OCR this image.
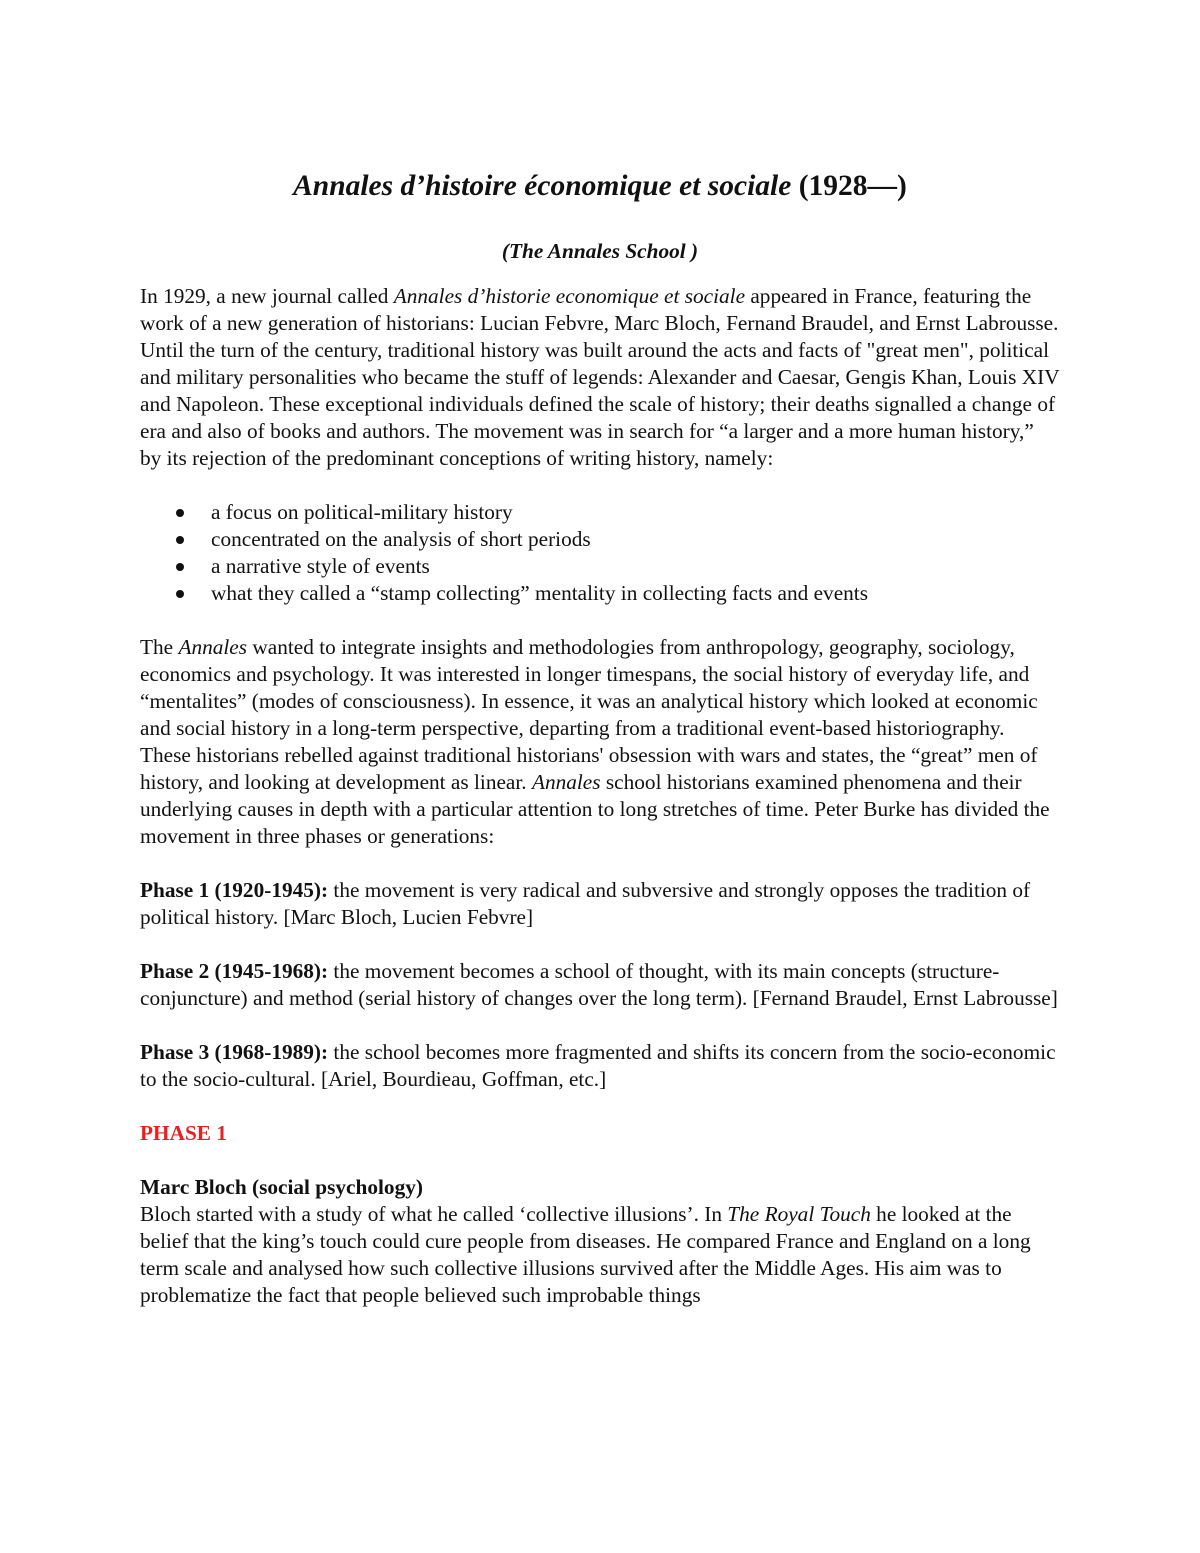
Annales d’histoire économique et sociale (1928—)
(The Annales School )

In 1929, a new journal called Annales d’historie economique et sociale appeared in France, featuring the work of a new generation of historians: Lucian Febvre, Marc Bloch, Fernand Braudel, and Ernst Labrousse. Until the turn of the century, traditional history was built around the acts and facts of "great men", political and military personalities who became the stuff of legends: Alexander and Caesar, Gengis Khan, Louis XIV and Napoleon. These exceptional individuals defined the scale of history; their deaths signalled a change of era and also of books and authors. The movement was in search for “a larger and a more human history,” by its rejection of the predominant conceptions of writing history, namely:

a focus on political-military history
concentrated on the analysis of short periods
a narrative style of events
what they called a “stamp collecting” mentality in collecting facts and events

The Annales wanted to integrate insights and methodologies from anthropology, geography, sociology, economics and psychology. It was interested in longer timespans, the social history of everyday life, and “mentalites” (modes of consciousness). In essence, it was an analytical history which looked at economic and social history in a long-term perspective, departing from a traditional event-based historiography. These historians rebelled against traditional historians' obsession with wars and states, the “great” men of history, and looking at development as linear. Annales school historians examined phenomena and their underlying causes in depth with a particular attention to long stretches of time. Peter Burke has divided the movement in three phases or generations:

Phase 1 (1920-1945): the movement is very radical and subversive and strongly opposes the tradition of political history. [Marc Bloch, Lucien Febvre]

Phase 2 (1945-1968): the movement becomes a school of thought, with its main concepts (structure-conjuncture) and method (serial history of changes over the long term). [Fernand Braudel, Ernst Labrousse]

Phase 3 (1968-1989): the school becomes more fragmented and shifts its concern from the socio-economic to the socio-cultural. [Ariel, Bourdieau, Goffman, etc.]

PHASE 1

Marc Bloch (social psychology)
Bloch started with a study of what he called ‘collective illusions’. In The Royal Touch he looked at the belief that the king’s touch could cure people from diseases. He compared France and England on a long term scale and analysed how such collective illusions survived after the Middle Ages. His aim was to problematize the fact that people believed such improbable things
